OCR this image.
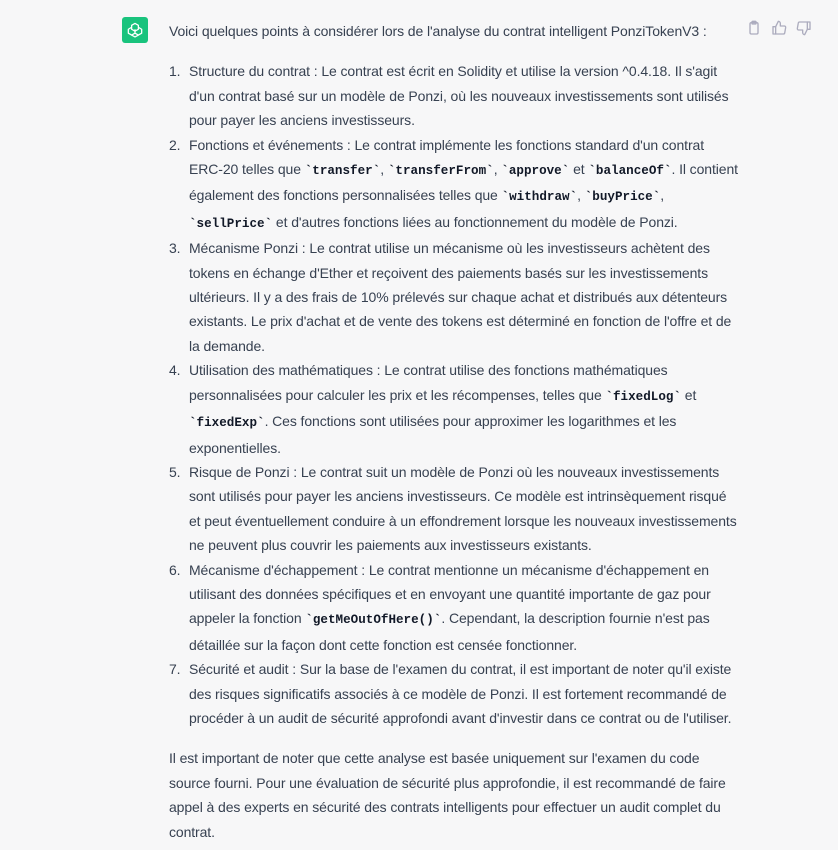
Voici quelques points à considérer lors de l'analyse du contrat intelligent PonziTokenV3 :

1. Structure du contrat : Le contrat est écrit en Solidity et utilise la version ^0.4.18. Il s'agit d'un contrat basé sur un modèle de Ponzi, où les nouveaux investissements sont utilisés pour payer les anciens investisseurs.
2. Fonctions et événements : Le contrat implémente les fonctions standard d'un contrat ERC-20 telles que `transfer`, `transferFrom`, `approve` et `balanceOf`. Il contient également des fonctions personnalisées telles que `withdraw`, `buyPrice`, `sellPrice` et d'autres fonctions liées au fonctionnement du modèle de Ponzi.
3. Mécanisme Ponzi : Le contrat utilise un mécanisme où les investisseurs achètent des tokens en échange d'Ether et reçoivent des paiements basés sur les investissements ultérieurs. Il y a des frais de 10% prélevés sur chaque achat et distribués aux détenteurs existants. Le prix d'achat et de vente des tokens est déterminé en fonction de l'offre et de la demande.
4. Utilisation des mathématiques : Le contrat utilise des fonctions mathématiques personnalisées pour calculer les prix et les récompenses, telles que `fixedLog` et `fixedExp`. Ces fonctions sont utilisées pour approximer les logarithmes et les exponentielles.
5. Risque de Ponzi : Le contrat suit un modèle de Ponzi où les nouveaux investissements sont utilisés pour payer les anciens investisseurs. Ce modèle est intrinsèquement risqué et peut éventuellement conduire à un effondrement lorsque les nouveaux investissements ne peuvent plus couvrir les paiements aux investisseurs existants.
6. Mécanisme d'échappement : Le contrat mentionne un mécanisme d'échappement en utilisant des données spécifiques et en envoyant une quantité importante de gaz pour appeler la fonction `getMeOutOfHere()`. Cependant, la description fournie n'est pas détaillée sur la façon dont cette fonction est censée fonctionner.
7. Sécurité et audit : Sur la base de l'examen du contrat, il est important de noter qu'il existe des risques significatifs associés à ce modèle de Ponzi. Il est fortement recommandé de procéder à un audit de sécurité approfondi avant d'investir dans ce contrat ou de l'utiliser.

Il est important de noter que cette analyse est basée uniquement sur l'examen du code source fourni. Pour une évaluation de sécurité plus approfondie, il est recommandé de faire appel à des experts en sécurité des contrats intelligents pour effectuer un audit complet du contrat.
